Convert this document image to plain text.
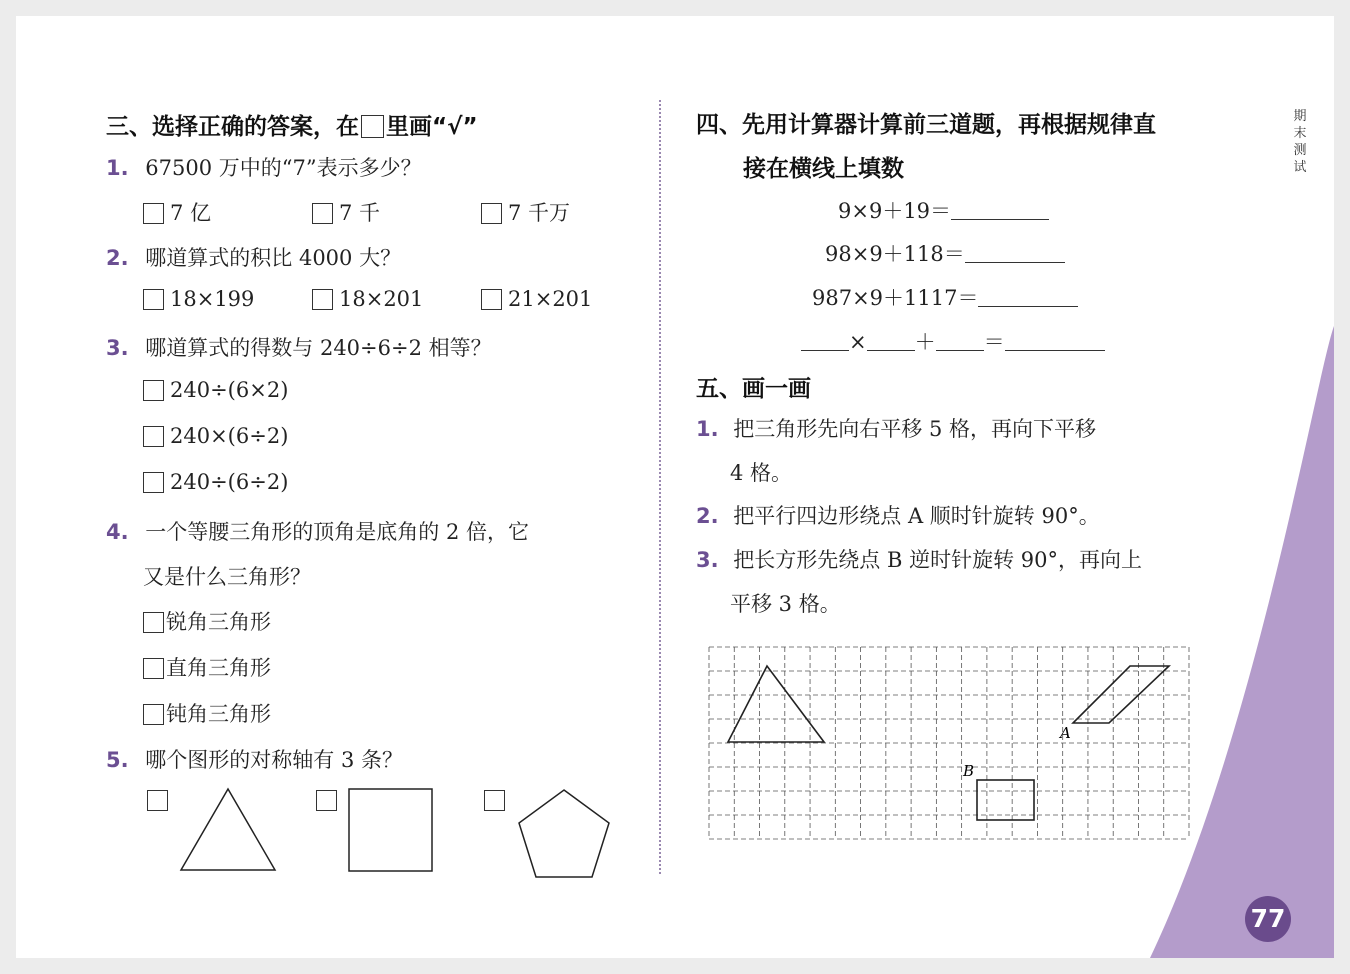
三、选择正确的答案，在 里画“√”
1. 67500 万中的“7”表示多少？
7 亿	7 千	7 千万
2. 哪道算式的积比 4000 大？
18×199	18×201	21×201
3. 哪道算式的得数与 240÷6÷2 相等？
240÷(6×2)
240×(6÷2)
240÷(6÷2)
4. 一个等腰三角形的顶角是底角的 2 倍，它
又是什么三角形？
锐角三角形
直角三角形
钝角三角形
5. 哪个图形的对称轴有 3 条？
四、先用计算器计算前三道题，再根据规律直
接在横线上填数
9×9＋19＝
98×9＋118＝
987×9＋1117＝
× ＋ ＝
五、画一画
1. 把三角形先向右平移 5 格，再向下平移
4 格。
2. 把平行四边形绕点 A 顺时针旋转 90°。
3. 把长方形先绕点 B 逆时针旋转 90°，再向上
平移 3 格。
A
B
期末测试
77
